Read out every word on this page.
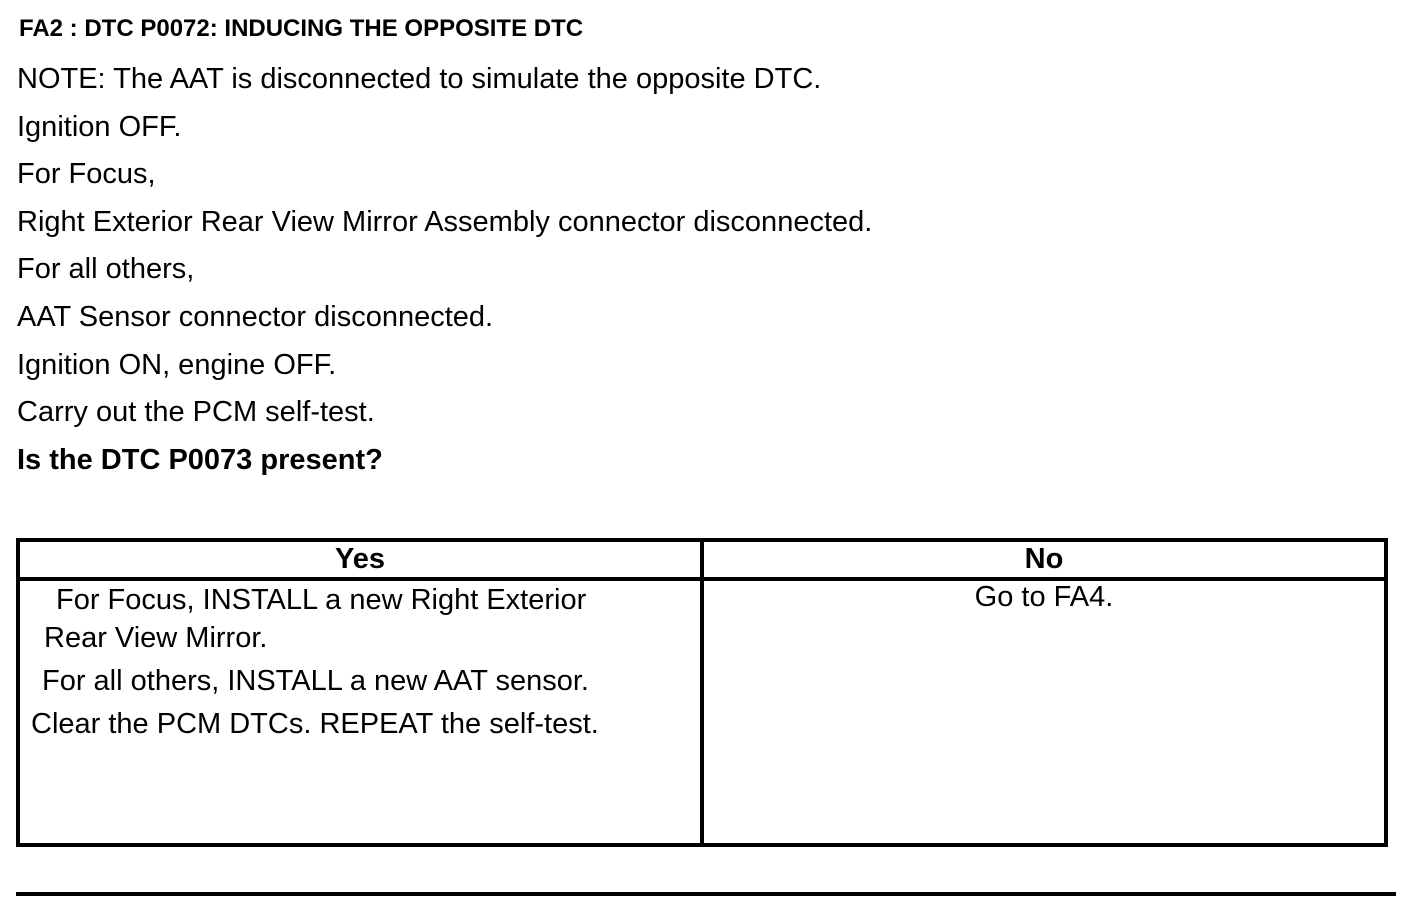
FA2 : DTC P0072: INDUCING THE OPPOSITE DTC
NOTE: The AAT is disconnected to simulate the opposite DTC.
Ignition OFF.
For Focus,
Right Exterior Rear View Mirror Assembly connector disconnected.
For all others,
AAT Sensor connector disconnected.
Ignition ON, engine OFF.
Carry out the PCM self-test.
Is the DTC P0073 present?
Yes	No

For Focus, INSTALL a new Right Exterior
Rear View Mirror.
For all others, INSTALL a new AAT sensor.
Clear the PCM DTCs. REPEAT the self-test.	Go to FA4.
